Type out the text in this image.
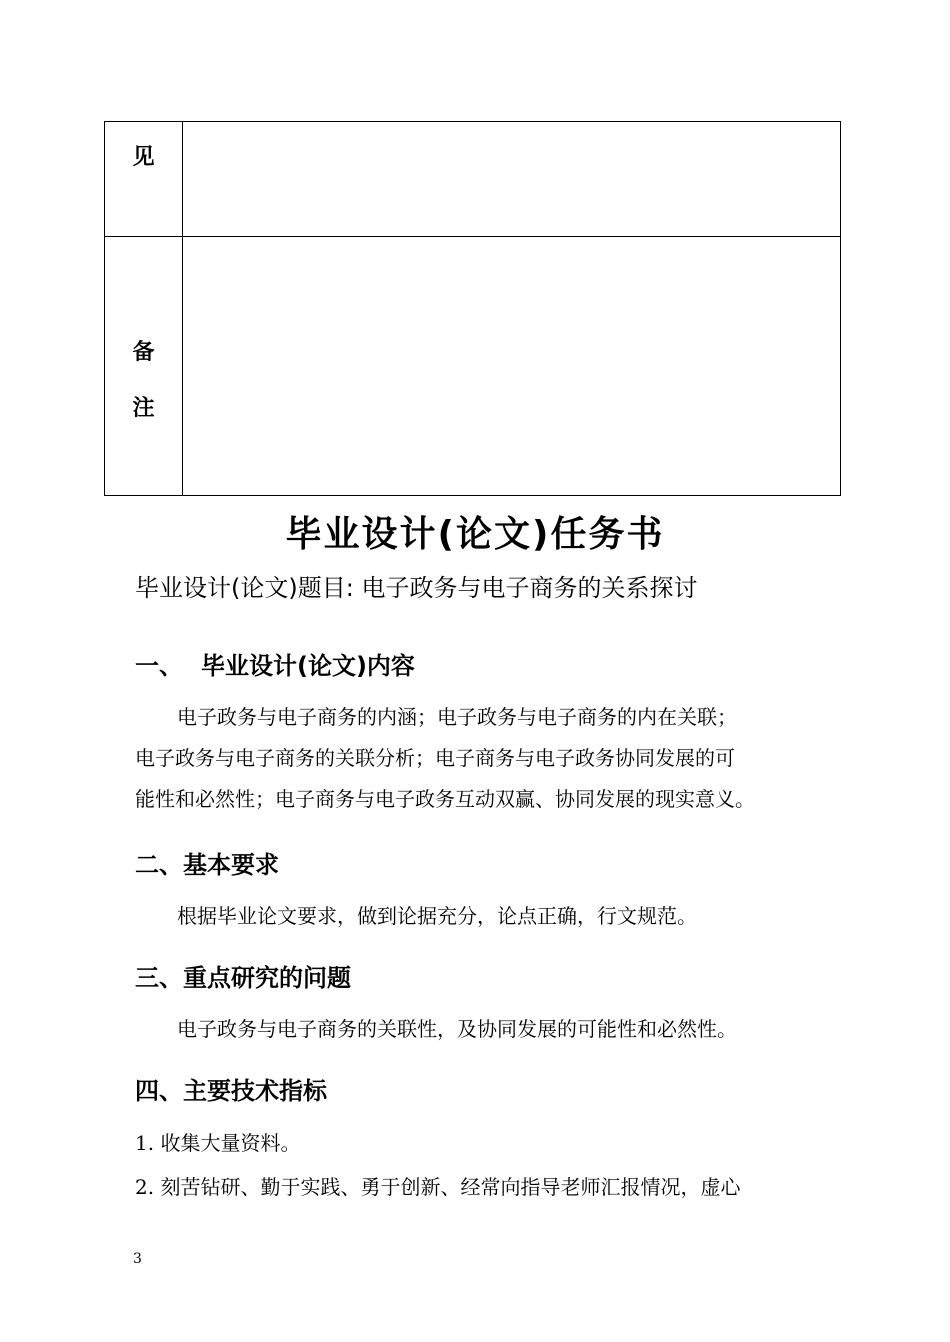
见	

备
注	

毕业设计(论文)任务书
毕业设计(论文)题目: 电子政务与电子商务的关系探讨
一、 毕业设计(论文)内容
电子政务与电子商务的内涵；电子政务与电子商务的内在关联；
电子政务与电子商务的关联分析；电子商务与电子政务协同发展的可
能性和必然性；电子商务与电子政务互动双赢、协同发展的现实意义。
二、基本要求
根据毕业论文要求，做到论据充分，论点正确，行文规范。
三、重点研究的问题
电子政务与电子商务的关联性，及协同发展的可能性和必然性。
四、主要技术指标
1. 收集大量资料。
2. 刻苦钻研、勤于实践、勇于创新、经常向指导老师汇报情况，虚心
3
